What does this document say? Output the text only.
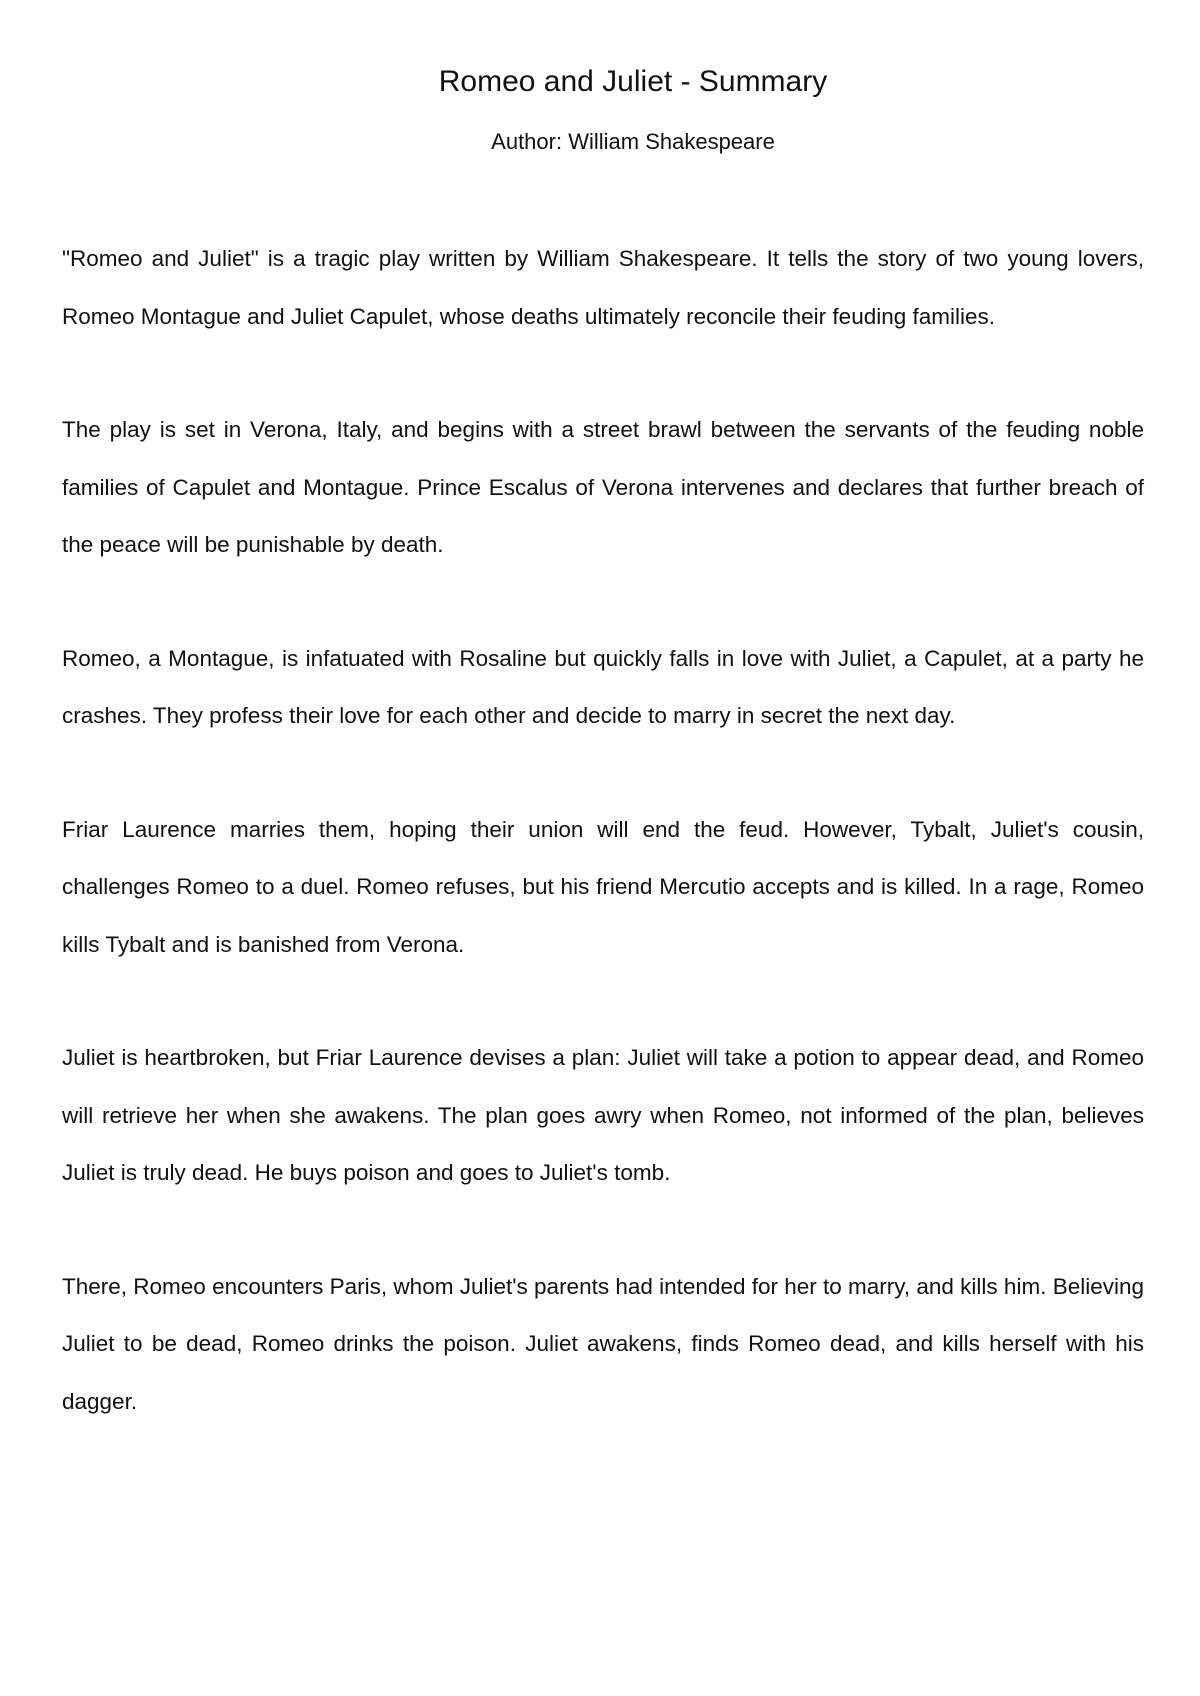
Romeo and Juliet - Summary

Author: William Shakespeare

"Romeo and Juliet" is a tragic play written by William Shakespeare. It tells the story of two young lovers, Romeo Montague and Juliet Capulet, whose deaths ultimately reconcile their feuding families.

The play is set in Verona, Italy, and begins with a street brawl between the servants of the feuding noble families of Capulet and Montague. Prince Escalus of Verona intervenes and declares that further breach of the peace will be punishable by death.

Romeo, a Montague, is infatuated with Rosaline but quickly falls in love with Juliet, a Capulet, at a party he crashes. They profess their love for each other and decide to marry in secret the next day.

Friar Laurence marries them, hoping their union will end the feud. However, Tybalt, Juliet's cousin, challenges Romeo to a duel. Romeo refuses, but his friend Mercutio accepts and is killed. In a rage, Romeo kills Tybalt and is banished from Verona.

Juliet is heartbroken, but Friar Laurence devises a plan: Juliet will take a potion to appear dead, and Romeo will retrieve her when she awakens. The plan goes awry when Romeo, not informed of the plan, believes Juliet is truly dead. He buys poison and goes to Juliet's tomb.

There, Romeo encounters Paris, whom Juliet's parents had intended for her to marry, and kills him. Believing Juliet to be dead, Romeo drinks the poison. Juliet awakens, finds Romeo dead, and kills herself with his dagger.
